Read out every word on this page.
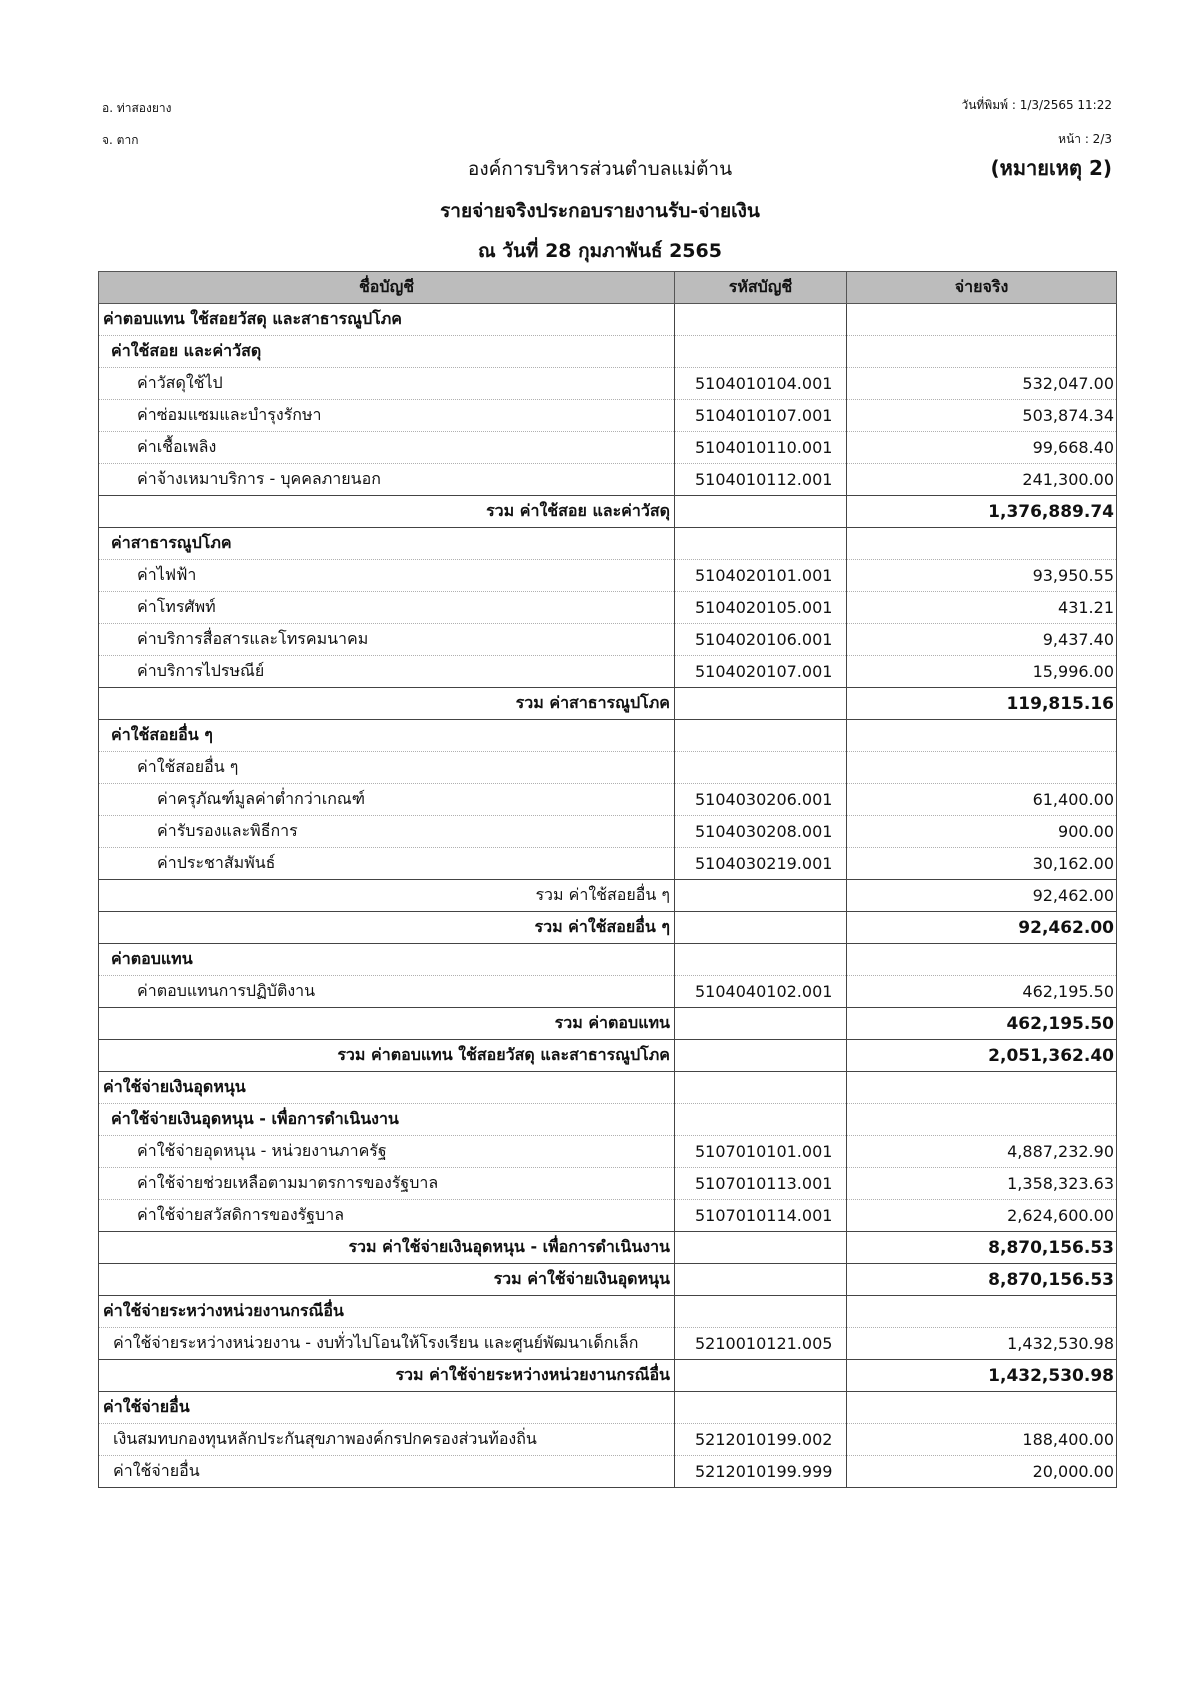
อ. ท่าสองยาง
จ. ตาก
วันที่พิมพ์ : 1/3/2565 11:22
หน้า : 2/3
องค์การบริหารส่วนตำบลแม่ต้าน	(หมายเหตุ 2)
รายจ่ายจริงประกอบรายงานรับ-จ่ายเงิน
ณ วันที่ 28 กุมภาพันธ์ 2565
ชื่อบัญชี	รหัสบัญชี	จ่ายจริง
ค่าตอบแทน ใช้สอยวัสดุ และสาธารณูปโภค		
ค่าใช้สอย และค่าวัสดุ		
ค่าวัสดุใช้ไป	5104010104.001	532,047.00
ค่าซ่อมแซมและบำรุงรักษา	5104010107.001	503,874.34
ค่าเชื้อเพลิง	5104010110.001	99,668.40
ค่าจ้างเหมาบริการ - บุคคลภายนอก	5104010112.001	241,300.00
รวม ค่าใช้สอย และค่าวัสดุ		1,376,889.74
ค่าสาธารณูปโภค		
ค่าไฟฟ้า	5104020101.001	93,950.55
ค่าโทรศัพท์	5104020105.001	431.21
ค่าบริการสื่อสารและโทรคมนาคม	5104020106.001	9,437.40
ค่าบริการไปรษณีย์	5104020107.001	15,996.00
รวม ค่าสาธารณูปโภค		119,815.16
ค่าใช้สอยอื่น ๆ		
ค่าใช้สอยอื่น ๆ		
ค่าครุภัณฑ์มูลค่าต่ำกว่าเกณฑ์	5104030206.001	61,400.00
ค่ารับรองและพิธีการ	5104030208.001	900.00
ค่าประชาสัมพันธ์	5104030219.001	30,162.00
รวม ค่าใช้สอยอื่น ๆ		92,462.00
รวม ค่าใช้สอยอื่น ๆ		92,462.00
ค่าตอบแทน		
ค่าตอบแทนการปฏิบัติงาน	5104040102.001	462,195.50
รวม ค่าตอบแทน		462,195.50
รวม ค่าตอบแทน ใช้สอยวัสดุ และสาธารณูปโภค		2,051,362.40
ค่าใช้จ่ายเงินอุดหนุน		
ค่าใช้จ่ายเงินอุดหนุน - เพื่อการดำเนินงาน		
ค่าใช้จ่ายอุดหนุน - หน่วยงานภาครัฐ	5107010101.001	4,887,232.90
ค่าใช้จ่ายช่วยเหลือตามมาตรการของรัฐบาล	5107010113.001	1,358,323.63
ค่าใช้จ่ายสวัสดิการของรัฐบาล	5107010114.001	2,624,600.00
รวม ค่าใช้จ่ายเงินอุดหนุน - เพื่อการดำเนินงาน		8,870,156.53
รวม ค่าใช้จ่ายเงินอุดหนุน		8,870,156.53
ค่าใช้จ่ายระหว่างหน่วยงานกรณีอื่น		
ค่าใช้จ่ายระหว่างหน่วยงาน - งบทั่วไปโอนให้โรงเรียน และศูนย์พัฒนาเด็กเล็ก	5210010121.005	1,432,530.98
รวม ค่าใช้จ่ายระหว่างหน่วยงานกรณีอื่น		1,432,530.98
ค่าใช้จ่ายอื่น		
เงินสมทบกองทุนหลักประกันสุขภาพองค์กรปกครองส่วนท้องถิ่น	5212010199.002	188,400.00
ค่าใช้จ่ายอื่น	5212010199.999	20,000.00
